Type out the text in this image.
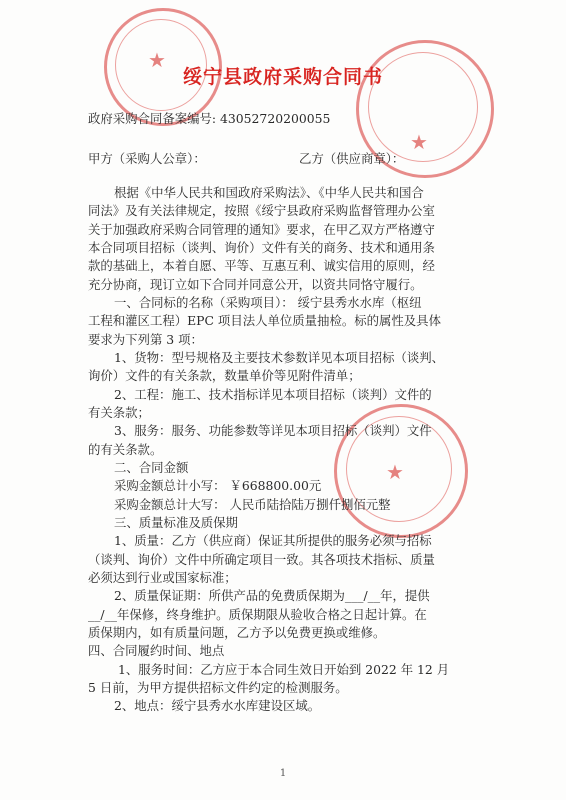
★
★
★
绥宁县政府采购合同书
政府采购合同备案编号: 43052720200055
甲方（采购人公章）：	乙方（供应商章）：
根据《中华人民共和国政府采购法》、《中华人民共和国合
同法》及有关法律规定，按照《绥宁县政府采购监督管理办公室
关于加强政府采购合同管理的通知》要求，在甲乙双方严格遵守
本合同项目招标（谈判、询价）文件有关的商务、技术和通用条
款的基础上，本着自愿、平等、互惠互利、诚实信用的原则，经
充分协商，现订立如下合同并同意公开，以资共同恪守履行。
一、合同标的名称（采购项目）： 绥宁县秀水水库（枢纽
工程和灌区工程）EPC 项目法人单位质量抽检。标的属性及具体
要求为下列第 3 项：
1、货物：型号规格及主要技术参数详见本项目招标（谈判、
询价）文件的有关条款，数量单价等见附件清单；
2、工程：施工、技术指标详见本项目招标（谈判）文件的
有关条款；
3、服务：服务、功能参数等详见本项目招标（谈判）文件
的有关条款。
二、合同金额
采购金额总计小写： ￥668800.00元
采购金额总计大写： 人民币陆拾陆万捌仟捌佰元整
三、质量标准及质保期
1、质量：乙方（供应商）保证其所提供的服务必须与招标
（谈判、询价）文件中所确定项目一致。其各项技术指标、质量
必须达到行业或国家标准；
2、质量保证期：所供产品的免费质保期为___/__年，提供
__/__年保修，终身维护。质保期限从验收合格之日起计算。在
质保期内，如有质量问题，乙方予以免费更换或维修。
四、合同履约时间、地点
1、服务时间：乙方应于本合同生效日开始到 2022 年 12 月
5 日前，为甲方提供招标文件约定的检测服务。
2、地点：绥宁县秀水水库建设区域。
1
